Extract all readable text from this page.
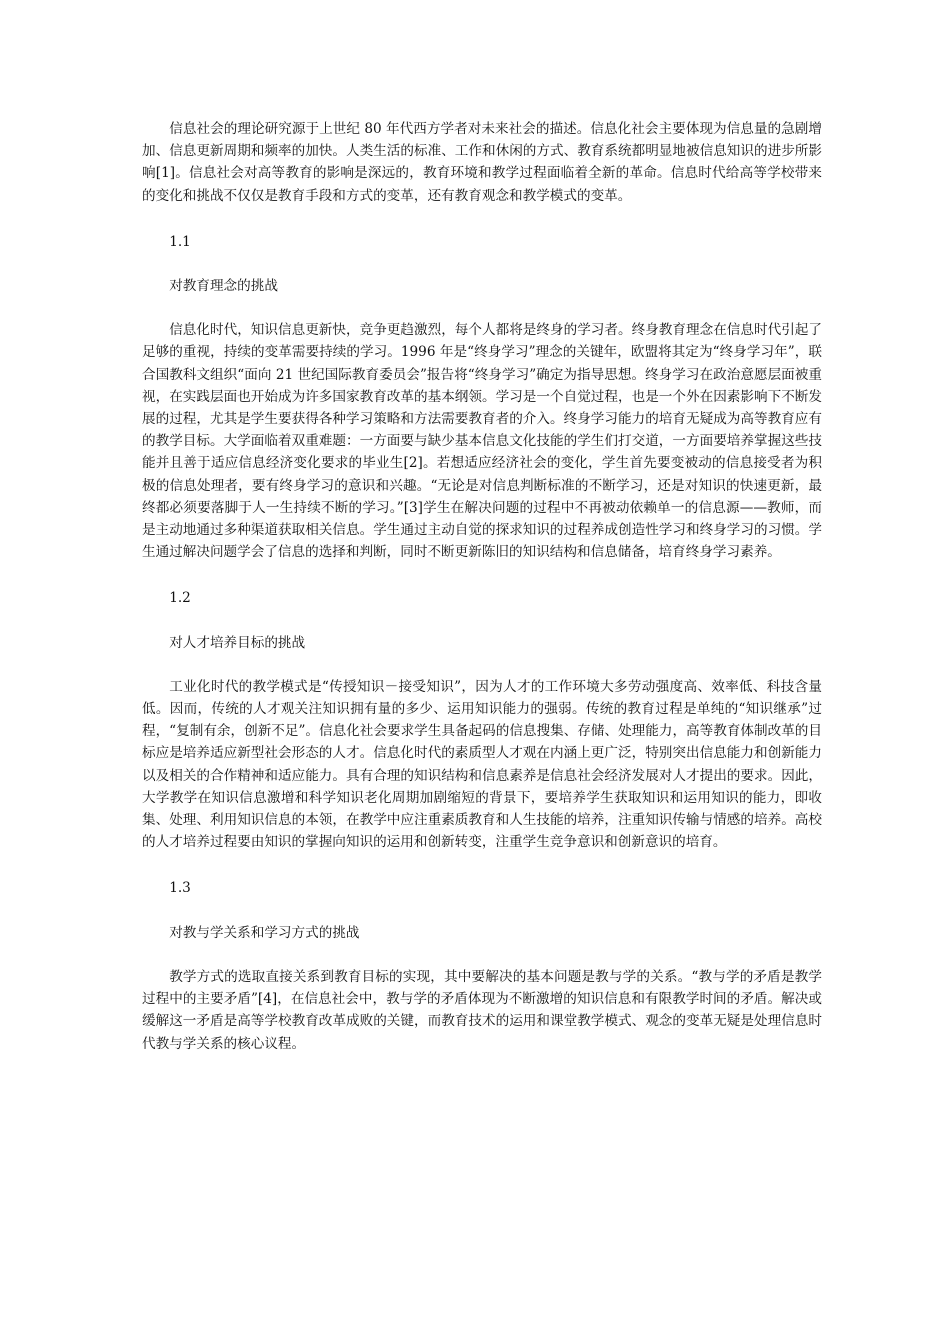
信息社会的理论研究源于上世纪 80 年代西方学者对未来社会的描述。信息化社会主要体现为信息量的急剧增加、信息更新周期和频率的加快。人类生活的标准、工作和休闲的方式、教育系统都明显地被信息知识的进步所影响[1]。信息社会对高等教育的影响是深远的，教育环境和教学过程面临着全新的革命。信息时代给高等学校带来的变化和挑战不仅仅是教育手段和方式的变革，还有教育观念和教学模式的变革。

1.1

对教育理念的挑战

信息化时代，知识信息更新快，竞争更趋激烈，每个人都将是终身的学习者。终身教育理念在信息时代引起了足够的重视，持续的变革需要持续的学习。1996 年是“终身学习”理念的关键年，欧盟将其定为“终身学习年”，联合国教科文组织“面向 21 世纪国际教育委员会”报告将“终身学习”确定为指导思想。终身学习在政治意愿层面被重视，在实践层面也开始成为许多国家教育改革的基本纲领。学习是一个自觉过程，也是一个外在因素影响下不断发展的过程，尤其是学生要获得各种学习策略和方法需要教育者的介入。终身学习能力的培育无疑成为高等教育应有的教学目标。大学面临着双重难题：一方面要与缺少基本信息文化技能的学生们打交道，一方面要培养掌握这些技能并且善于适应信息经济变化要求的毕业生[2]。若想适应经济社会的变化，学生首先要变被动的信息接受者为积极的信息处理者，要有终身学习的意识和兴趣。“无论是对信息判断标准的不断学习，还是对知识的快速更新，最终都必须要落脚于人一生持续不断的学习。”[3]学生在解决问题的过程中不再被动依赖单一的信息源——教师，而是主动地通过多种渠道获取相关信息。学生通过主动自觉的探求知识的过程养成创造性学习和终身学习的习惯。学生通过解决问题学会了信息的选择和判断，同时不断更新陈旧的知识结构和信息储备，培育终身学习素养。

1.2

对人才培养目标的挑战

工业化时代的教学模式是“传授知识－接受知识”，因为人才的工作环境大多劳动强度高、效率低、科技含量低。因而，传统的人才观关注知识拥有量的多少、运用知识能力的强弱。传统的教育过程是单纯的“知识继承”过程，“复制有余，创新不足”。信息化社会要求学生具备起码的信息搜集、存储、处理能力，高等教育体制改革的目标应是培养适应新型社会形态的人才。信息化时代的素质型人才观在内涵上更广泛，特别突出信息能力和创新能力以及相关的合作精神和适应能力。具有合理的知识结构和信息素养是信息社会经济发展对人才提出的要求。因此，大学教学在知识信息激增和科学知识老化周期加剧缩短的背景下，要培养学生获取知识和运用知识的能力，即收集、处理、利用知识信息的本领，在教学中应注重素质教育和人生技能的培养，注重知识传输与情感的培养。高校的人才培养过程要由知识的掌握向知识的运用和创新转变，注重学生竞争意识和创新意识的培育。

1.3

对教与学关系和学习方式的挑战

教学方式的选取直接关系到教育目标的实现，其中要解决的基本问题是教与学的关系。“教与学的矛盾是教学过程中的主要矛盾”[4]，在信息社会中，教与学的矛盾体现为不断激增的知识信息和有限教学时间的矛盾。解决或缓解这一矛盾是高等学校教育改革成败的关键，而教育技术的运用和课堂教学模式、观念的变革无疑是处理信息时代教与学关系的核心议程。
